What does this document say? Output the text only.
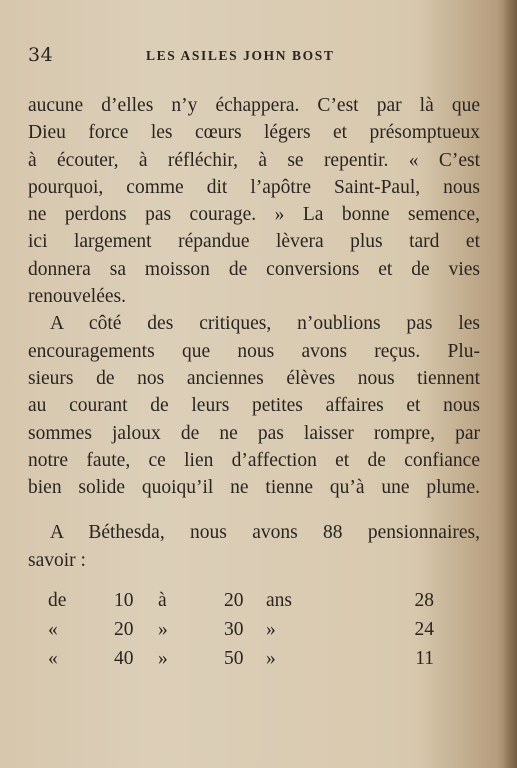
34	LES ASILES JOHN BOST
aucune d’elles n’y échappera. C’est par là que
Dieu force les cœurs légers et présomptueux
à écouter, à réfléchir, à se repentir. « C’est
pourquoi, comme dit l’apôtre Saint-Paul, nous
ne perdons pas courage. » La bonne semence,
ici largement répandue lèvera plus tard et
donnera sa moisson de conversions et de vies
renouvelées.
A côté des critiques, n’oublions pas les
encouragements que nous avons reçus. Plu-
sieurs de nos anciennes élèves nous tiennent
au courant de leurs petites affaires et nous
sommes jaloux de ne pas laisser rompre, par
notre faute, ce lien d’affection et de confiance
bien solide quoiqu’il ne tienne qu’à une plume.
A Béthesda, nous avons 88 pensionnaires,
savoir :
de 10 à	20 ans	28
«	20 »	30 »	24
«	40 »	50 »	11
